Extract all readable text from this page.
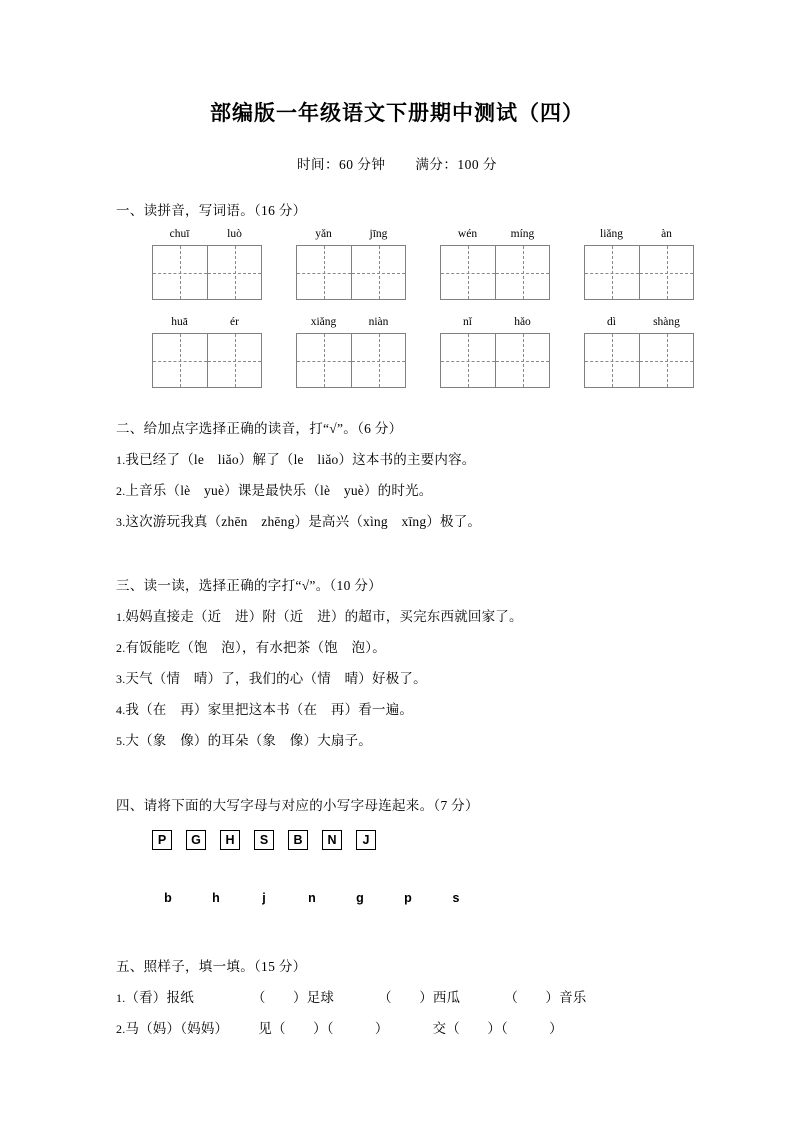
部编版一年级语文下册期中测试（四）

时间：60 分钟 满分：100 分

一、读拼音，写词语。（16 分）

chuī	luò	yǎn	jīng	wén	míng	liǎng	àn
huā	ér	xiǎng	niàn	nǐ	hǎo	dì	shàng

二、给加点字选择正确的读音，打“√”。（6 分）

1.我已经了（le　liǎo）解了（le　liǎo）这本书的主要内容。

2.上音乐（lè　yuè）课是最快乐（lè　yuè）的时光。

3.这次游玩我真（zhēn　zhēng）是高兴（xìng　xīng）极了。

三、读一读，选择正确的字打“√”。（10 分）

1.妈妈直接走（近　进）附（近　进）的超市，买完东西就回家了。

2.有饭能吃（饱　泡），有水把茶（饱　泡）。

3.天气（情　晴）了，我们的心（情　晴）好极了。

4.我（在　再）家里把这本书（在　再）看一遍。

5.大（象　像）的耳朵（象　像）大扇子。

四、请将下面的大写字母与对应的小写字母连起来。（7 分）

P	G	H	S	B	N	J
b	h	j	n	g	p	s

五、照样子，填一填。（15 分）

1.（看）报纸	（　　）足球	（　　）西瓜	（　　）音乐

2.马（妈）（妈妈） 见（　　）（　　　）	交（　　）（　　　）
